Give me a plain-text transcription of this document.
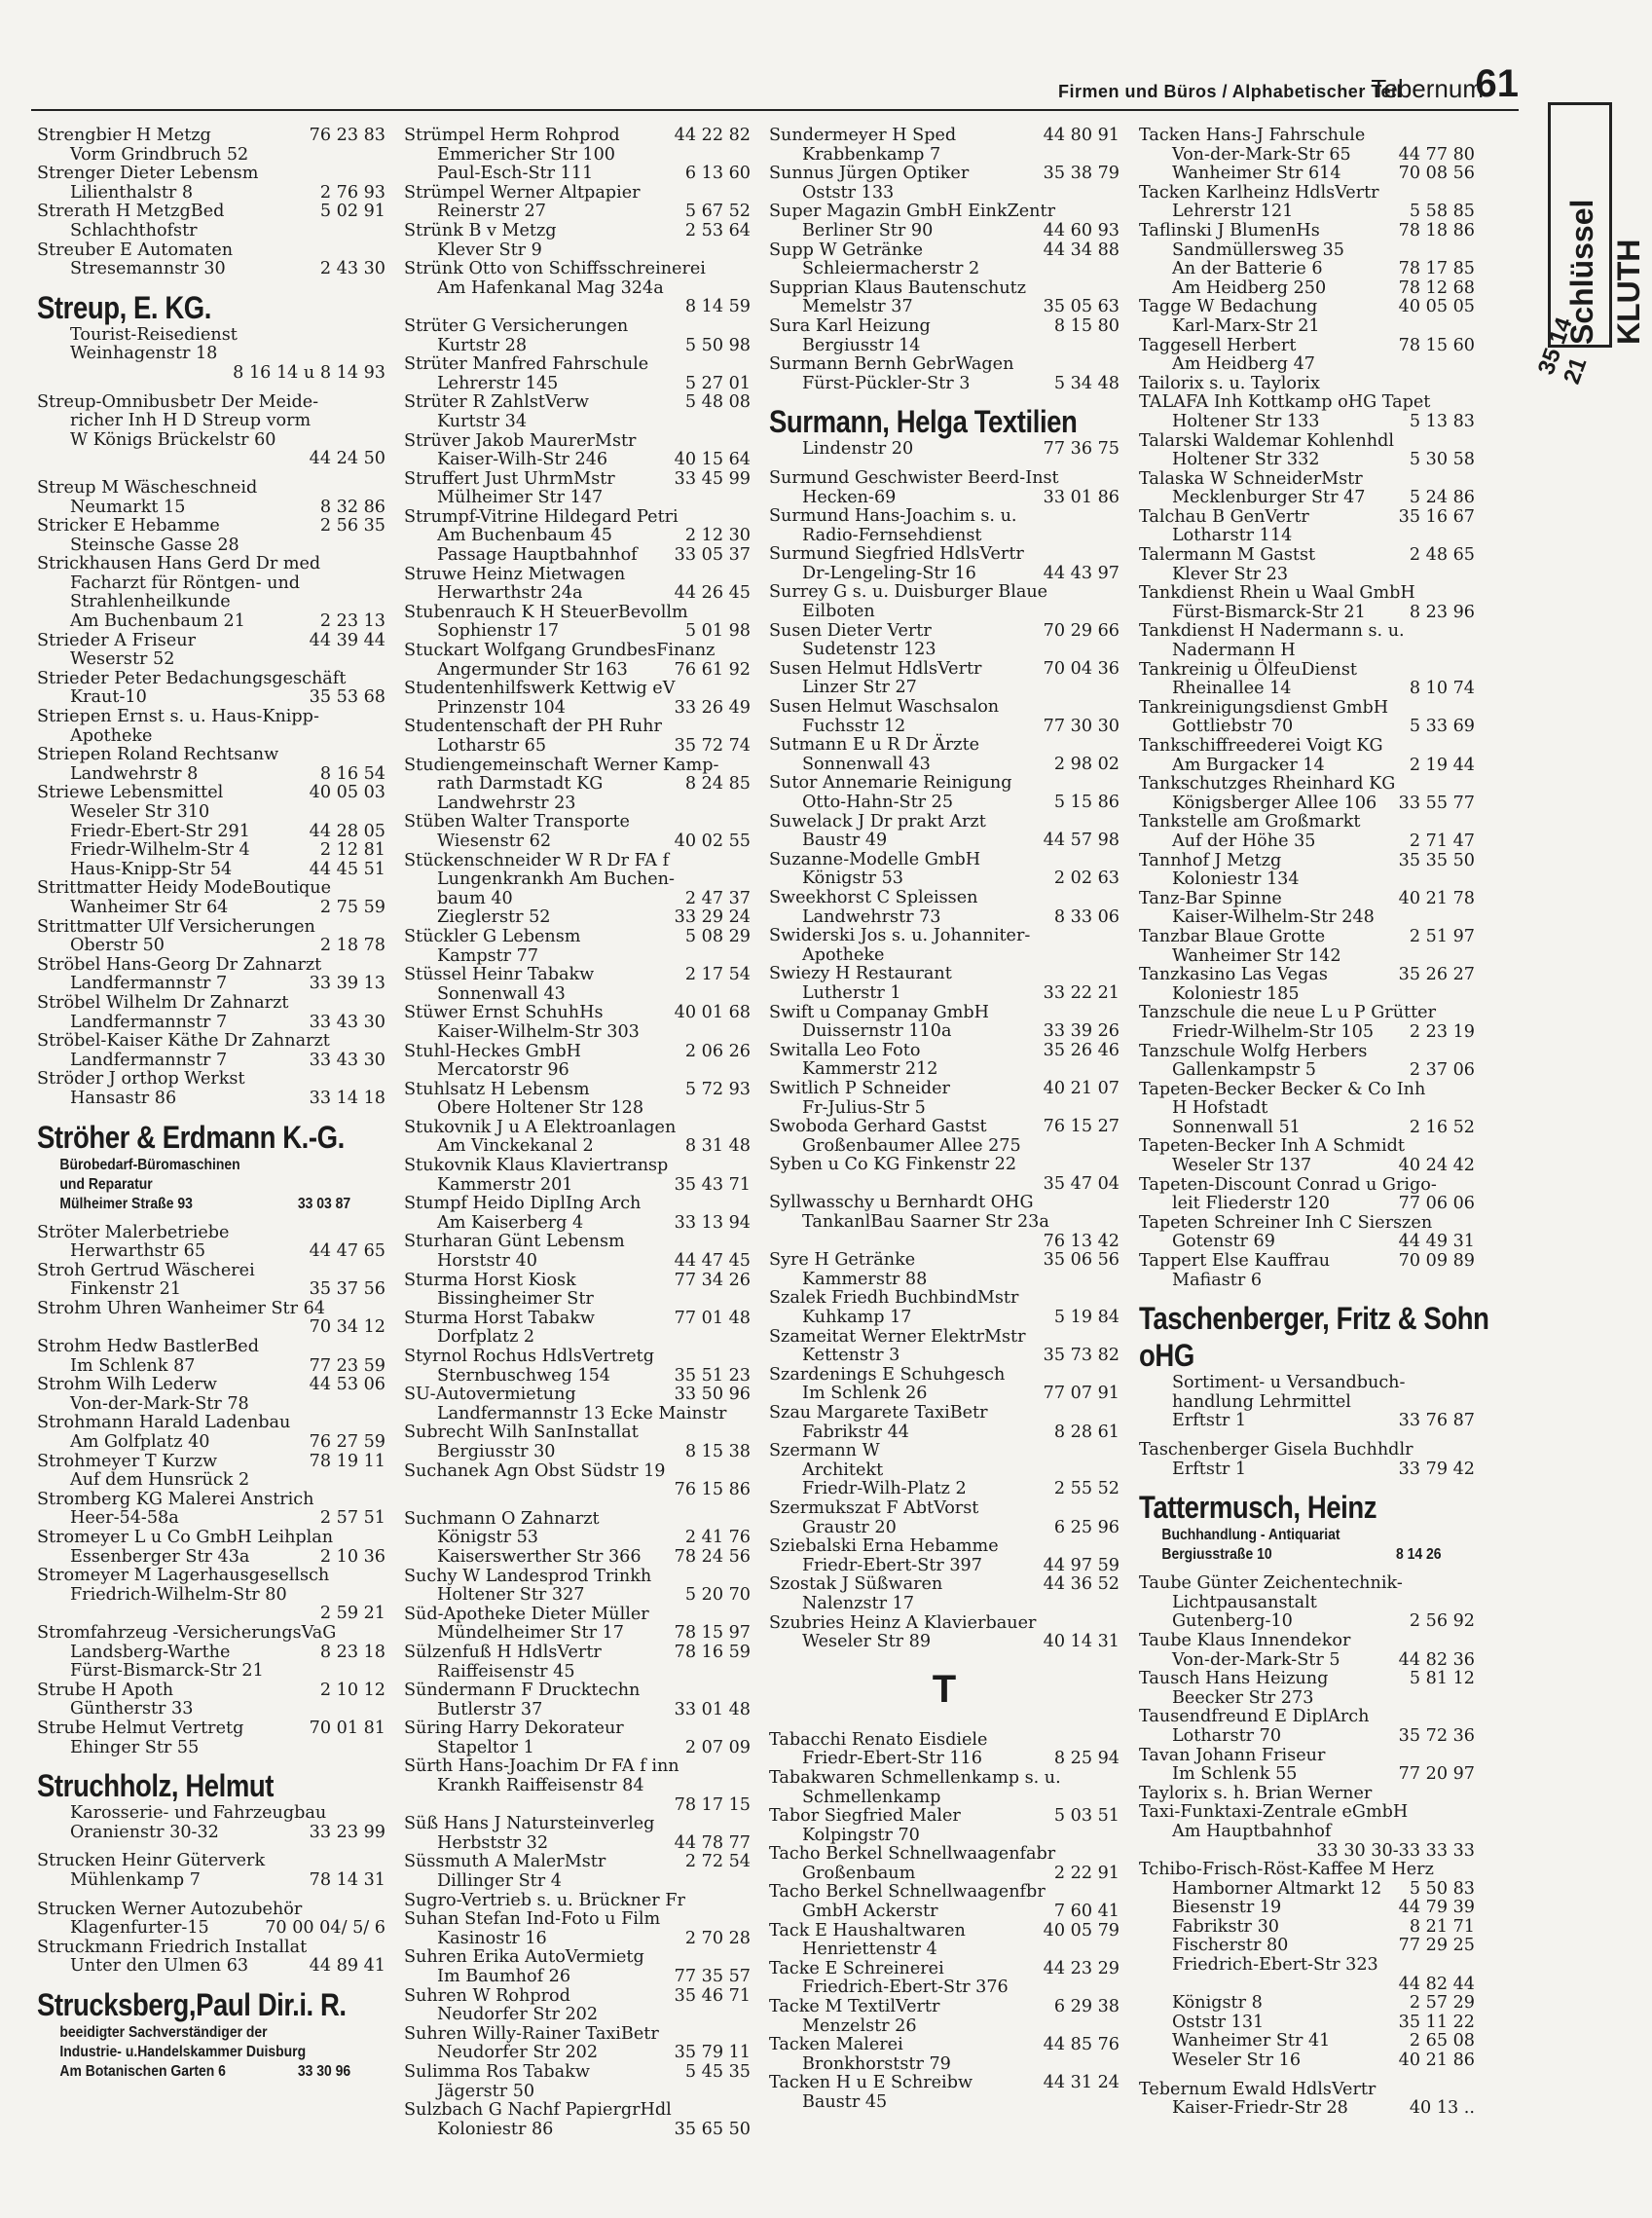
Firmen und Büros / Alphabetischer Teil
Tebernum
61
Schlüssel KLUTH
35 14 21
Strengbier H Metzg	76 23 83
Vorm Grindbruch 52
Strenger Dieter Lebensm
Lilienthalstr 8	2 76 93
Strerath H MetzgBed	5 02 91
Schlachthofstr
Streuber E Automaten
Stresemannstr 30	2 43 30
Streup, E. KG.
Tourist-Reisedienst
Weinhagenstr 18
8 16 14 u 8 14 93
Streup-Omnibusbetr Der Meide-
richer Inh H D Streup vorm
W Königs Brückelstr 60
44 24 50
Streup M Wäscheschneid
Neumarkt 15	8 32 86
Stricker E Hebamme	2 56 35
Steinsche Gasse 28
Strickhausen Hans Gerd Dr med
Facharzt für Röntgen- und
Strahlenheilkunde
Am Buchenbaum 21	2 23 13
Strieder A Friseur	44 39 44
Weserstr 52
Strieder Peter Bedachungsgeschäft
Kraut-10	35 53 68
Striepen Ernst s. u. Haus-Knipp-
Apotheke
Striepen Roland Rechtsanw
Landwehrstr 8	8 16 54
Striewe Lebensmittel	40 05 03
Weseler Str 310
Friedr-Ebert-Str 291	44 28 05
Friedr-Wilhelm-Str 4	2 12 81
Haus-Knipp-Str 54	44 45 51
Strittmatter Heidy ModeBoutique
Wanheimer Str 64	2 75 59
Strittmatter Ulf Versicherungen
Oberstr 50	2 18 78
Ströbel Hans-Georg Dr Zahnarzt
Landfermannstr 7	33 39 13
Ströbel Wilhelm Dr Zahnarzt
Landfermannstr 7	33 43 30
Ströbel-Kaiser Käthe Dr Zahnarzt
Landfermannstr 7	33 43 30
Ströder J orthop Werkst
Hansastr 86	33 14 18
Ströher & Erdmann K.-G.
Bürobedarf-Büromaschinen
und Reparatur
Mülheimer Straße 93	33 03 87
Ströter Malerbetriebe
Herwarthstr 65	44 47 65
Stroh Gertrud Wäscherei
Finkenstr 21	35 37 56
Strohm Uhren Wanheimer Str 64
70 34 12
Strohm Hedw BastlerBed
Im Schlenk 87	77 23 59
Strohm Wilh Lederw	44 53 06
Von-der-Mark-Str 78
Strohmann Harald Ladenbau
Am Golfplatz 40	76 27 59
Strohmeyer T Kurzw	78 19 11
Auf dem Hunsrück 2
Stromberg KG Malerei Anstrich
Heer-54-58a	2 57 51
Stromeyer L u Co GmbH Leihplan
Essenberger Str 43a	2 10 36
Stromeyer M Lagerhausgesellsch
Friedrich-Wilhelm-Str 80
2 59 21
Stromfahrzeug -VersicherungsVaG
Landsberg-Warthe	8 23 18
Fürst-Bismarck-Str 21
Strube H Apoth	2 10 12
Güntherstr 33
Strube Helmut Vertretg	70 01 81
Ehinger Str 55
Struchholz, Helmut
Karosserie- und Fahrzeugbau
Oranienstr 30-32	33 23 99
Strucken Heinr Güterverk
Mühlenkamp 7	78 14 31
Strucken Werner Autozubehör
Klagenfurter-15	70 00 04/ 5/ 6
Struckmann Friedrich Installat
Unter den Ulmen 63	44 89 41
Strucksberg,Paul Dir.i. R.
beeidigter Sachverständiger der
Industrie- u.Handelskammer Duisburg
Am Botanischen Garten 6	33 30 96
Strümpel Herm Rohprod	44 22 82
Emmericher Str 100
Paul-Esch-Str 111	6 13 60
Strümpel Werner Altpapier
Reinerstr 27	5 67 52
Strünk B v Metzg	2 53 64
Klever Str 9
Strünk Otto von Schiffsschreinerei
Am Hafenkanal Mag 324a
8 14 59
Strüter G Versicherungen
Kurtstr 28	5 50 98
Strüter Manfred Fahrschule
Lehrerstr 145	5 27 01
Strüter R ZahlstVerw	5 48 08
Kurtstr 34
Strüver Jakob MaurerMstr
Kaiser-Wilh-Str 246	40 15 64
Struffert Just UhrmMstr	33 45 99
Mülheimer Str 147
Strumpf-Vitrine Hildegard Petri
Am Buchenbaum 45	2 12 30
Passage Hauptbahnhof	33 05 37
Struwe Heinz Mietwagen
Herwarthstr 24a	44 26 45
Stubenrauch K H SteuerBevollm
Sophienstr 17	5 01 98
Stuckart Wolfgang GrundbesFinanz
Angermunder Str 163	76 61 92
Studentenhilfswerk Kettwig eV
Prinzenstr 104	33 26 49
Studentenschaft der PH Ruhr
Lotharstr 65	35 72 74
Studiengemeinschaft Werner Kamp-
rath Darmstadt KG	8 24 85
Landwehrstr 23
Stüben Walter Transporte
Wiesenstr 62	40 02 55
Stückenschneider W R Dr FA f
Lungenkrankh Am Buchen-
baum 40	2 47 37
Zieglerstr 52	33 29 24
Stückler G Lebensm	5 08 29
Kampstr 77
Stüssel Heinr Tabakw	2 17 54
Sonnenwall 43
Stüwer Ernst SchuhHs	40 01 68
Kaiser-Wilhelm-Str 303
Stuhl-Heckes GmbH	2 06 26
Mercatorstr 96
Stuhlsatz H Lebensm	5 72 93
Obere Holtener Str 128
Stukovnik J u A Elektroanlagen
Am Vinckekanal 2	8 31 48
Stukovnik Klaus Klaviertransp
Kammerstr 201	35 43 71
Stumpf Heido DiplIng Arch
Am Kaiserberg 4	33 13 94
Sturharan Günt Lebensm
Horststr 40	44 47 45
Sturma Horst Kiosk	77 34 26
Bissingheimer Str
Sturma Horst Tabakw	77 01 48
Dorfplatz 2
Styrnol Rochus HdlsVertretg
Sternbuschweg 154	35 51 23
SU-Autovermietung	33 50 96
Landfermannstr 13 Ecke Mainstr
Subrecht Wilh SanInstallat
Bergiusstr 30	8 15 38
Suchanek Agn Obst Südstr 19
76 15 86
Suchmann O Zahnarzt
Königstr 53	2 41 76
Kaiserswerther Str 366	78 24 56
Suchy W Landesprod Trinkh
Holtener Str 327	5 20 70
Süd-Apotheke Dieter Müller
Mündelheimer Str 17	78 15 97
Sülzenfuß H HdlsVertr	78 16 59
Raiffeisenstr 45
Sündermann F Drucktechn
Butlerstr 37	33 01 48
Süring Harry Dekorateur
Stapeltor 1	2 07 09
Sürth Hans-Joachim Dr FA f inn
Krankh Raiffeisenstr 84
78 17 15
Süß Hans J Natursteinverleg
Herbststr 32	44 78 77
Süssmuth A MalerMstr	2 72 54
Dillinger Str 4
Sugro-Vertrieb s. u. Brückner Fr
Suhan Stefan Ind-Foto u Film
Kasinostr 16	2 70 28
Suhren Erika AutoVermietg
Im Baumhof 26	77 35 57
Suhren W Rohprod	35 46 71
Neudorfer Str 202
Suhren Willy-Rainer TaxiBetr
Neudorfer Str 202	35 79 11
Sulimma Ros Tabakw	5 45 35
Jägerstr 50
Sulzbach G Nachf PapiergrHdl
Koloniestr 86	35 65 50
Sundermeyer H Sped	44 80 91
Krabbenkamp 7
Sunnus Jürgen Optiker	35 38 79
Oststr 133
Super Magazin GmbH EinkZentr
Berliner Str 90	44 60 93
Supp W Getränke	44 34 88
Schleiermacherstr 2
Supprian Klaus Bautenschutz
Memelstr 37	35 05 63
Sura Karl Heizung	8 15 80
Bergiusstr 14
Surmann Bernh GebrWagen
Fürst-Pückler-Str 3	5 34 48
Surmann, Helga Textilien
Lindenstr 20	77 36 75
Surmund Geschwister Beerd-Inst
Hecken-69	33 01 86
Surmund Hans-Joachim s. u.
Radio-Fernsehdienst
Surmund Siegfried HdlsVertr
Dr-Lengeling-Str 16	44 43 97
Surrey G s. u. Duisburger Blaue
Eilboten
Susen Dieter Vertr	70 29 66
Sudetenstr 123
Susen Helmut HdlsVertr	70 04 36
Linzer Str 27
Susen Helmut Waschsalon
Fuchsstr 12	77 30 30
Sutmann E u R Dr Ärzte
Sonnenwall 43	2 98 02
Sutor Annemarie Reinigung
Otto-Hahn-Str 25	5 15 86
Suwelack J Dr prakt Arzt
Baustr 49	44 57 98
Suzanne-Modelle GmbH
Königstr 53	2 02 63
Sweekhorst C Spleissen
Landwehrstr 73	8 33 06
Swiderski Jos s. u. Johanniter-
Apotheke
Swiezy H Restaurant
Lutherstr 1	33 22 21
Swift u Companay GmbH
Duissernstr 110a	33 39 26
Switalla Leo Foto	35 26 46
Kammerstr 212
Switlich P Schneider	40 21 07
Fr-Julius-Str 5
Swoboda Gerhard Gastst	76 15 27
Großenbaumer Allee 275
Syben u Co KG Finkenstr 22
35 47 04
Syllwasschy u Bernhardt OHG
TankanlBau Saarner Str 23a
76 13 42
Syre H Getränke	35 06 56
Kammerstr 88
Szalek Friedh BuchbindMstr
Kuhkamp 17	5 19 84
Szameitat Werner ElektrMstr
Kettenstr 3	35 73 82
Szardenings E Schuhgesch
Im Schlenk 26	77 07 91
Szau Margarete TaxiBetr
Fabrikstr 44	8 28 61
Szermann W
Architekt
Friedr-Wilh-Platz 2	2 55 52
Szermukszat F AbtVorst
Graustr 20	6 25 96
Sziebalski Erna Hebamme
Friedr-Ebert-Str 397	44 97 59
Szostak J Süßwaren	44 36 52
Nalenzstr 17
Szubries Heinz A Klavierbauer
Weseler Str 89	40 14 31
T
Tabacchi Renato Eisdiele
Friedr-Ebert-Str 116	8 25 94
Tabakwaren Schmellenkamp s. u.
Schmellenkamp
Tabor Siegfried Maler	5 03 51
Kolpingstr 70
Tacho Berkel Schnellwaagenfabr
Großenbaum	2 22 91
Tacho Berkel Schnellwaagenfbr
GmbH Ackerstr	7 60 41
Tack E Haushaltwaren	40 05 79
Henriettenstr 4
Tacke E Schreinerei	44 23 29
Friedrich-Ebert-Str 376
Tacke M TextilVertr	6 29 38
Menzelstr 26
Tacken Malerei	44 85 76
Bronkhorststr 79
Tacken H u E Schreibw	44 31 24
Baustr 45
Tacken Hans-J Fahrschule
Von-der-Mark-Str 65	44 77 80
Wanheimer Str 614	70 08 56
Tacken Karlheinz HdlsVertr
Lehrerstr 121	5 58 85
Taflinski J BlumenHs	78 18 86
Sandmüllersweg 35
An der Batterie 6	78 17 85
Am Heidberg 250	78 12 68
Tagge W Bedachung	40 05 05
Karl-Marx-Str 21
Taggesell Herbert	78 15 60
Am Heidberg 47
Tailorix s. u. Taylorix
TALAFA Inh Kottkamp oHG Tapet
Holtener Str 133	5 13 83
Talarski Waldemar Kohlenhdl
Holtener Str 332	5 30 58
Talaska W SchneiderMstr
Mecklenburger Str 47	5 24 86
Talchau B GenVertr	35 16 67
Lotharstr 114
Talermann M Gastst	2 48 65
Klever Str 23
Tankdienst Rhein u Waal GmbH
Fürst-Bismarck-Str 21	8 23 96
Tankdienst H Nadermann s. u.
Nadermann H
Tankreinig u ÖlfeuDienst
Rheinallee 14	8 10 74
Tankreinigungsdienst GmbH
Gottliebstr 70	5 33 69
Tankschiffreederei Voigt KG
Am Burgacker 14	2 19 44
Tankschutzges Rheinhard KG
Königsberger Allee 106	33 55 77
Tankstelle am Großmarkt
Auf der Höhe 35	2 71 47
Tannhof J Metzg	35 35 50
Koloniestr 134
Tanz-Bar Spinne	40 21 78
Kaiser-Wilhelm-Str 248
Tanzbar Blaue Grotte	2 51 97
Wanheimer Str 142
Tanzkasino Las Vegas	35 26 27
Koloniestr 185
Tanzschule die neue L u P Grütter
Friedr-Wilhelm-Str 105	2 23 19
Tanzschule Wolfg Herbers
Gallenkampstr 5	2 37 06
Tapeten-Becker Becker & Co Inh
H Hofstadt
Sonnenwall 51	2 16 52
Tapeten-Becker Inh A Schmidt
Weseler Str 137	40 24 42
Tapeten-Discount Conrad u Grigo-
leit Fliederstr 120	77 06 06
Tapeten Schreiner Inh C Sierszen
Gotenstr 69	44 49 31
Tappert Else Kauffrau	70 09 89
Mafiastr 6
Taschenberger, Fritz & Sohn
oHG
Sortiment- u Versandbuch-
handlung Lehrmittel
Erftstr 1	33 76 87
Taschenberger Gisela Buchhdlr
Erftstr 1	33 79 42
Tattermusch, Heinz
Buchhandlung - Antiquariat
Bergiusstraße 10	8 14 26
Taube Günter Zeichentechnik-
Lichtpausanstalt
Gutenberg-10	2 56 92
Taube Klaus Innendekor
Von-der-Mark-Str 5	44 82 36
Tausch Hans Heizung	5 81 12
Beecker Str 273
Tausendfreund E DiplArch
Lotharstr 70	35 72 36
Tavan Johann Friseur
Im Schlenk 55	77 20 97
Taylorix s. h. Brian Werner
Taxi-Funktaxi-Zentrale eGmbH
Am Hauptbahnhof
33 30 30-33 33 33
Tchibo-Frisch-Röst-Kaffee M Herz
Hamborner Altmarkt 12	5 50 83
Biesenstr 19	44 79 39
Fabrikstr 30	8 21 71
Fischerstr 80	77 29 25
Friedrich-Ebert-Str 323
44 82 44
Königstr 8	2 57 29
Oststr 131	35 11 22
Wanheimer Str 41	2 65 08
Weseler Str 16	40 21 86
Tebernum Ewald HdlsVertr
Kaiser-Friedr-Str 28	40 13 ..
